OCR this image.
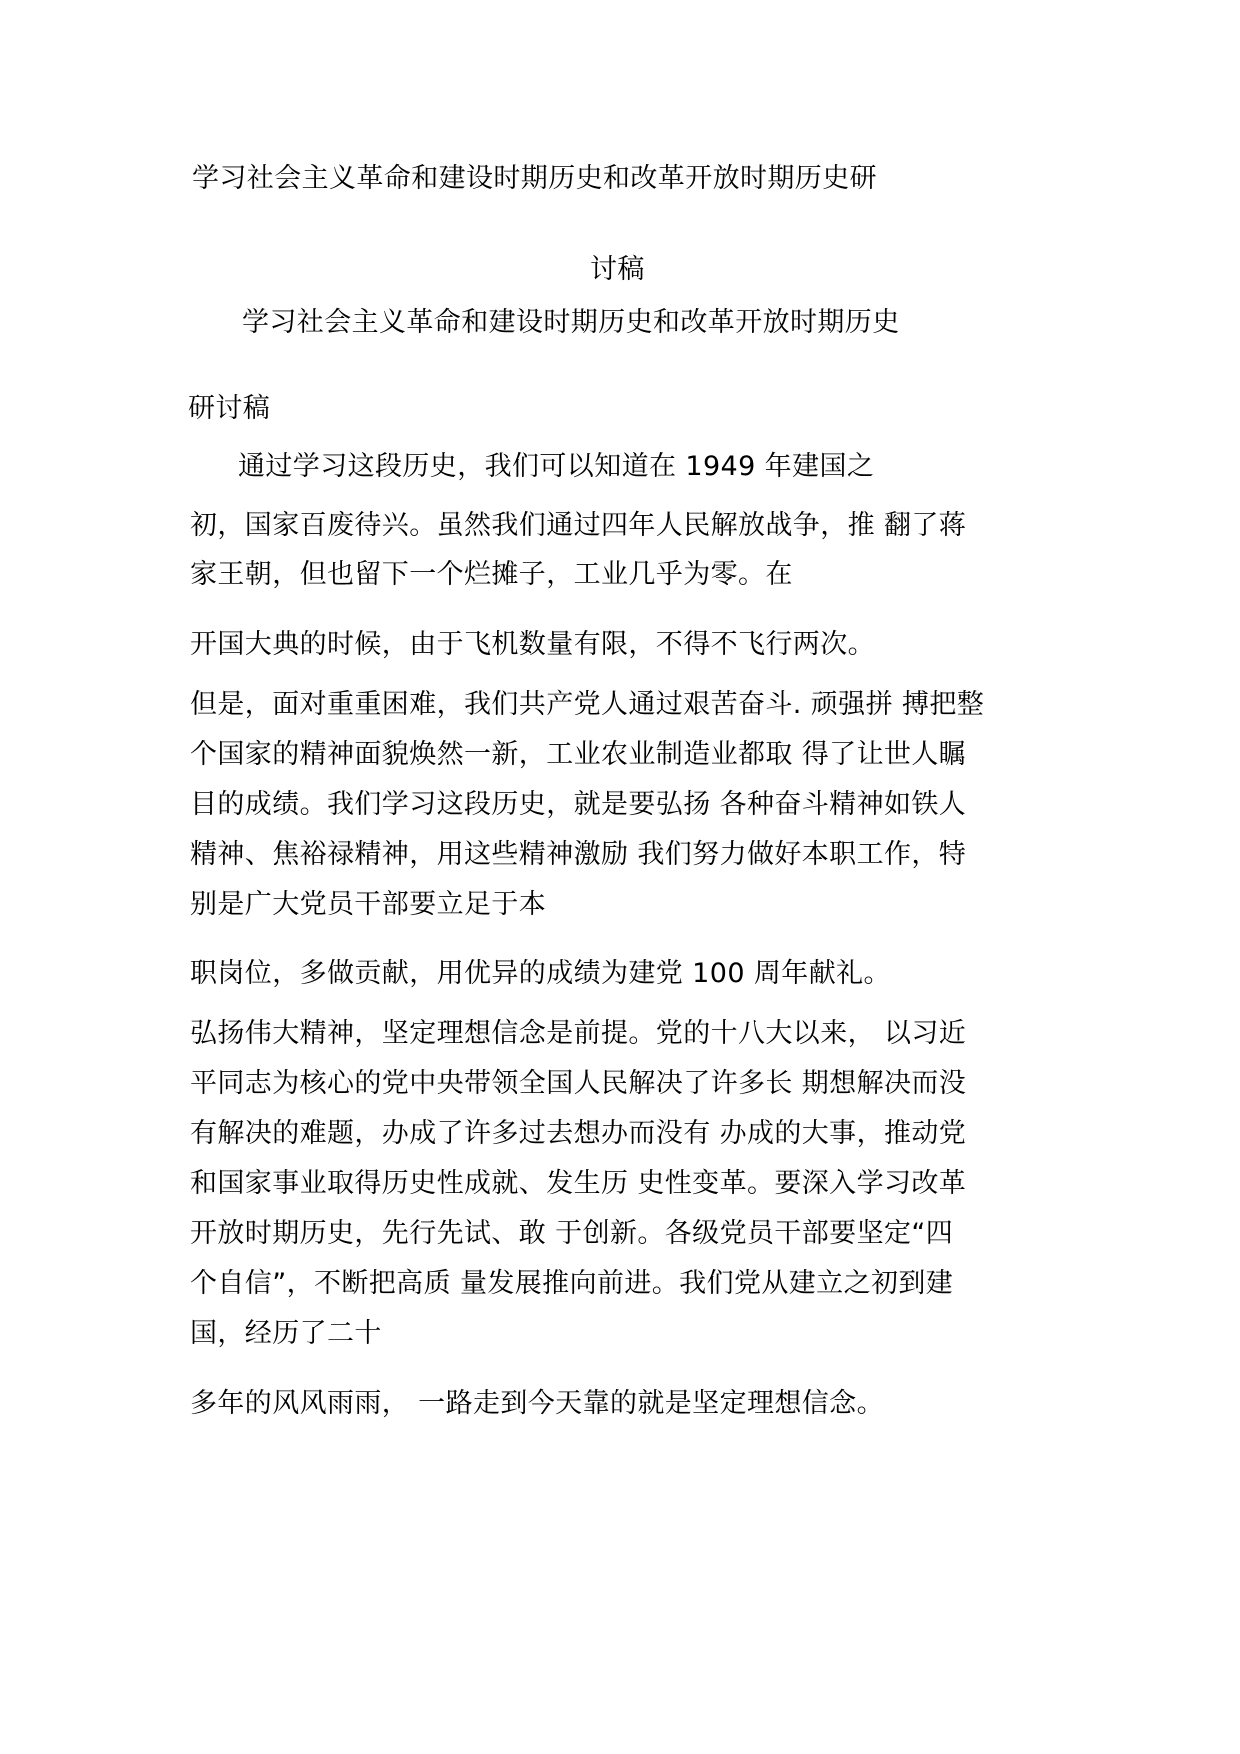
学习社会主义革命和建设时期历史和改革开放时期历史研

讨稿

学习社会主义革命和建设时期历史和改革开放时期历史

研讨稿

通过学习这段历史，我们可以知道在 1949 年建国之

初，国家百废待兴。虽然我们通过四年人民解放战争，推 翻了蒋

家王朝，但也留下一个烂摊子，工业几乎为零。在

开国大典的时候，由于飞机数量有限，不得不飞行两次。

但是，面对重重困难，我们共产党人通过艰苦奋斗. 顽强拼 搏把整

个国家的精神面貌焕然一新，工业农业制造业都取 得了让世人瞩

目的成绩。我们学习这段历史，就是要弘扬 各种奋斗精神如铁人

精神、焦裕禄精神，用这些精神激励 我们努力做好本职工作，特

别是广大党员干部要立足于本

职岗位，多做贡献，用优异的成绩为建党 100 周年献礼。

弘扬伟大精神，坚定理想信念是前提。党的十八大以来， 以习近

平同志为核心的党中央带领全国人民解决了许多长 期想解决而没

有解决的难题，办成了许多过去想办而没有 办成的大事，推动党

和国家事业取得历史性成就、发生历 史性变革。要深入学习改革

开放时期历史，先行先试、敢 于创新。各级党员干部要坚定“四

个自信”，不断把高质 量发展推向前进。我们党从建立之初到建

国，经历了二十

多年的风风雨雨， 一路走到今天靠的就是坚定理想信念。
